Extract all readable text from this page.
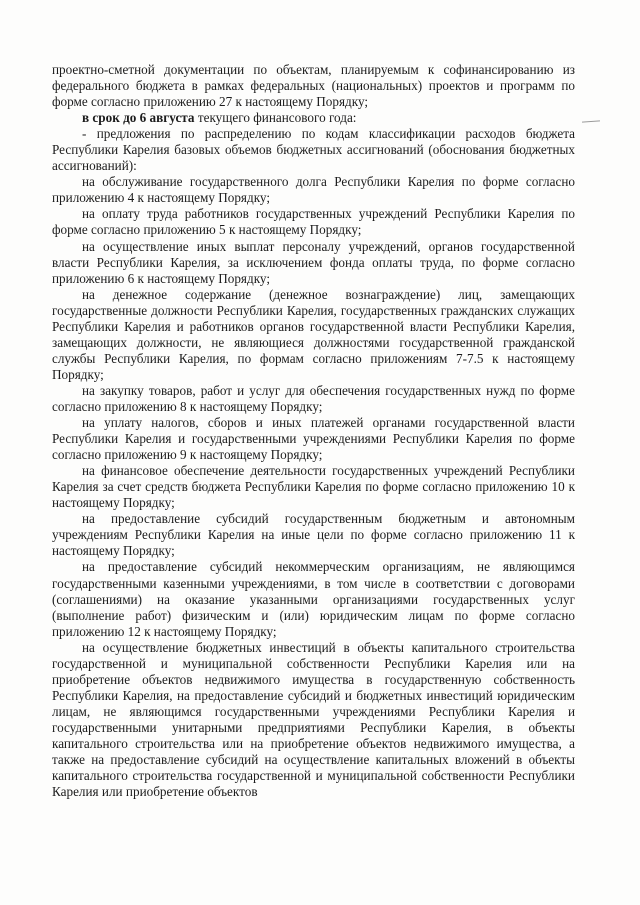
проектно-сметной документации по объектам, планируемым к софинансированию из федерального бюджета в рамках федеральных (национальных) проектов и программ по форме согласно приложению 27 к настоящему Порядку;

в срок до 6 августа текущего финансового года:

- предложения по распределению по кодам классификации расходов бюджета Республики Карелия базовых объемов бюджетных ассигнований (обоснования бюджетных ассигнований):

на обслуживание государственного долга Республики Карелия по форме согласно приложению 4 к настоящему Порядку;

на оплату труда работников государственных учреждений Республики Карелия по форме согласно приложению 5 к настоящему Порядку;

на осуществление иных выплат персоналу учреждений, органов государственной власти Республики Карелия, за исключением фонда оплаты труда, по форме согласно приложению 6 к настоящему Порядку;

на денежное содержание (денежное вознаграждение) лиц, замещающих государственные должности Республики Карелия, государственных гражданских служащих Республики Карелия и работников органов государственной власти Республики Карелия, замещающих должности, не являющиеся должностями государственной гражданской службы Республики Карелия, по формам согласно приложениям 7-7.5 к настоящему Порядку;

на закупку товаров, работ и услуг для обеспечения государственных нужд по форме согласно приложению 8 к настоящему Порядку;

на уплату налогов, сборов и иных платежей органами государственной власти Республики Карелия и государственными учреждениями Республики Карелия по форме согласно приложению 9 к настоящему Порядку;

на финансовое обеспечение деятельности государственных учреждений Республики Карелия за счет средств бюджета Республики Карелия по форме согласно приложению 10 к настоящему Порядку;

на предоставление субсидий государственным бюджетным и автономным учреждениям Республики Карелия на иные цели по форме согласно приложению 11 к настоящему Порядку;

на предоставление субсидий некоммерческим организациям, не являющимся государственными казенными учреждениями, в том числе в соответствии с договорами (соглашениями) на оказание указанными организациями государственных услуг (выполнение работ) физическим и (или) юридическим лицам по форме согласно приложению 12 к настоящему Порядку;

на осуществление бюджетных инвестиций в объекты капитального строительства государственной и муниципальной собственности Республики Карелия или на приобретение объектов недвижимого имущества в государственную собственность Республики Карелия, на предоставление субсидий и бюджетных инвестиций юридическим лицам, не являющимся государственными учреждениями Республики Карелия и государственными унитарными предприятиями Республики Карелия, в объекты капитального строительства или на приобретение объектов недвижимого имущества, а также на предоставление субсидий на осуществление капитальных вложений в объекты капитального строительства государственной и муниципальной собственности Республики Карелия или приобретение объектов
